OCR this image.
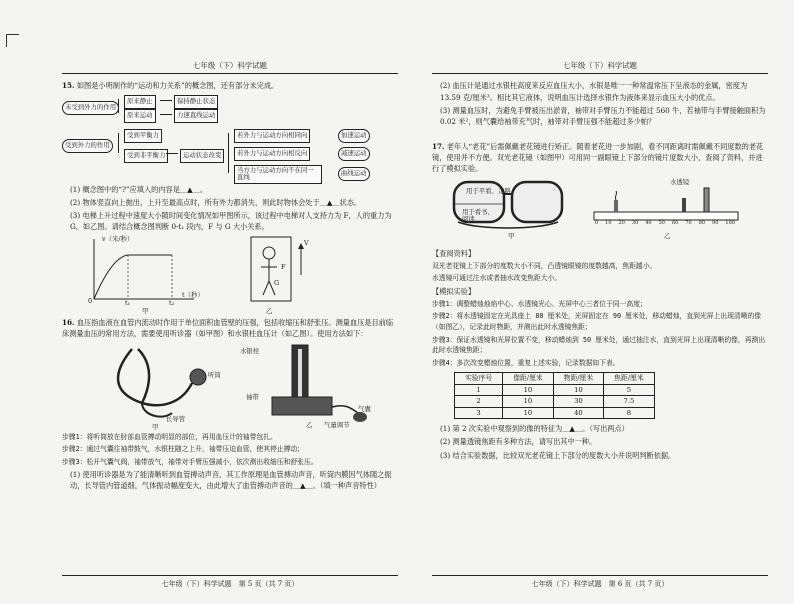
七年级（下）科学试题

15. 如图是小明制作的“运动和力关系”的概念图，还有部分未完成。

未受到外力的作用
原来静止
原来运动
保持静止状态
力速直线运动
受到外力的作用
受到平衡力
受到非平衡力	运动状态改变
若外力与运动方向相同向
若外力与运动方向相反向
当方力与运动方向不在同一直线
加速运动
减速运动
曲线运动

(1) 概念图中的“?”应填入的内容是＿▲＿。

(2) 物体竖直向上抛出，上升至最高点时，所有外力都消失，则此时物体会处于＿▲＿状态。

(3) 电梯上升过程中速度大小随时间变化情况如甲图所示，该过程中电梯对人支持力为 F，人的重力为 G，如乙图。请结合概念图判断 0-t₁ 段内，F 与 G 大小关系。

v（米/秒）
t（秒）
0	t₁	t₂
甲
F
G
V
乙

16. 血压指血液在血管内流动时作用于单位面积血管壁的压强，包括收缩压和舒张压。测量血压是目前临床测量血压的常用方法，需要使用听诊器（如甲图）和水银柱血压计（如乙图）。使用方法如下：

听筒
长导管
甲
水银柱
袖带
气囊
气量调节
乙

步骤1：将听筒放在肘部血管搏动明显的部位，再用血压计的袖带包扎。

步骤2：通过气囊往袖带鼓气，水银柱随之上升，袖带压迫血管，使其停止搏动；

步骤3：松开气囊气阀，袖带放气，袖带对手臂压强减小，依次测出收缩压和舒张压。

(1) 使用听诊器是为了能清晰听到血管搏动声音，其工作原理是血管搏动声音，听筒内膜因气体随之振动，长导管内管道细，气体振动幅度变大，由此增大了血管搏动声音的＿▲＿。（填一种声音特性）

七年级（下）科学试题　第 5 页（共 7 页）
七年级（下）科学试题

(2) 血压计是通过水银柱高度来反应血压大小，水银是唯一一种常温常压下呈液态的金属，密度为 13.59 克/厘米³。相比其它液体，说明血压计选择水银作为液体来显示血压大小的优点。

(3) 测量血压时，为避免手臂被压出淤青，袖带对手臂压力不能超过 560 牛，若袖带与手臂接触面积为 0.02 米²，则气囊给袖带充气时，袖带对手臂压强不能超过多少帕？

17. 老年人“老花”后需佩戴老花镜进行矫正。随着老花进一步加剧，看不同距离时需佩戴不同度数的老花镜，使用并不方便。双光老花镜（如图甲）可用同一副眼镜上下部分的镜片度数大小，查阅了资料，并进行了模拟实验。

用于平看、走路
用于看书、阅读
甲
0 10 20 30 40 50 60 70 80 90 100
水透镜
乙

【查阅资料】

双光老花镜上下部分的度数大小不同，凸透镜眼镜的度数越高，焦距越小。

水透镜可通过注水或者抽水改变焦距大小。

【模拟实验】

步骤1：调整蜡烛烛焰中心、水透镜光心、光屏中心三者位于同一高度；

步骤2：将水透镜固定在光具座上 80 厘米处，光屏固定在 90 厘米处，移动蜡烛，直到光屏上出现清晰的像（如图乙），记录此时物距，并测出此时水透镜焦距；

步骤3：保证水透镜和光屏位置不变，移动蜡烛到 50 厘米处，通过抽注水，直到光屏上出现清晰的像，再测出此时水透镜焦距；

步骤4：多次改变蜡烛位置，重复上述实验，记录数据如下表。

实验序号	像距/厘米	物距/厘米	焦距/厘米
1	10	10	5
2	10	30	7.5
3	10	40	8

(1) 第 2 次实验中观察到的像的特征为＿▲＿。（写出两点）

(2) 测量透镜焦距有多种方法，请写出其中一种。

(3) 结合实验数据，比较双光老花镜上下部分的度数大小并说明判断依据。

七年级（下）科学试题　第 6 页（共 7 页）
